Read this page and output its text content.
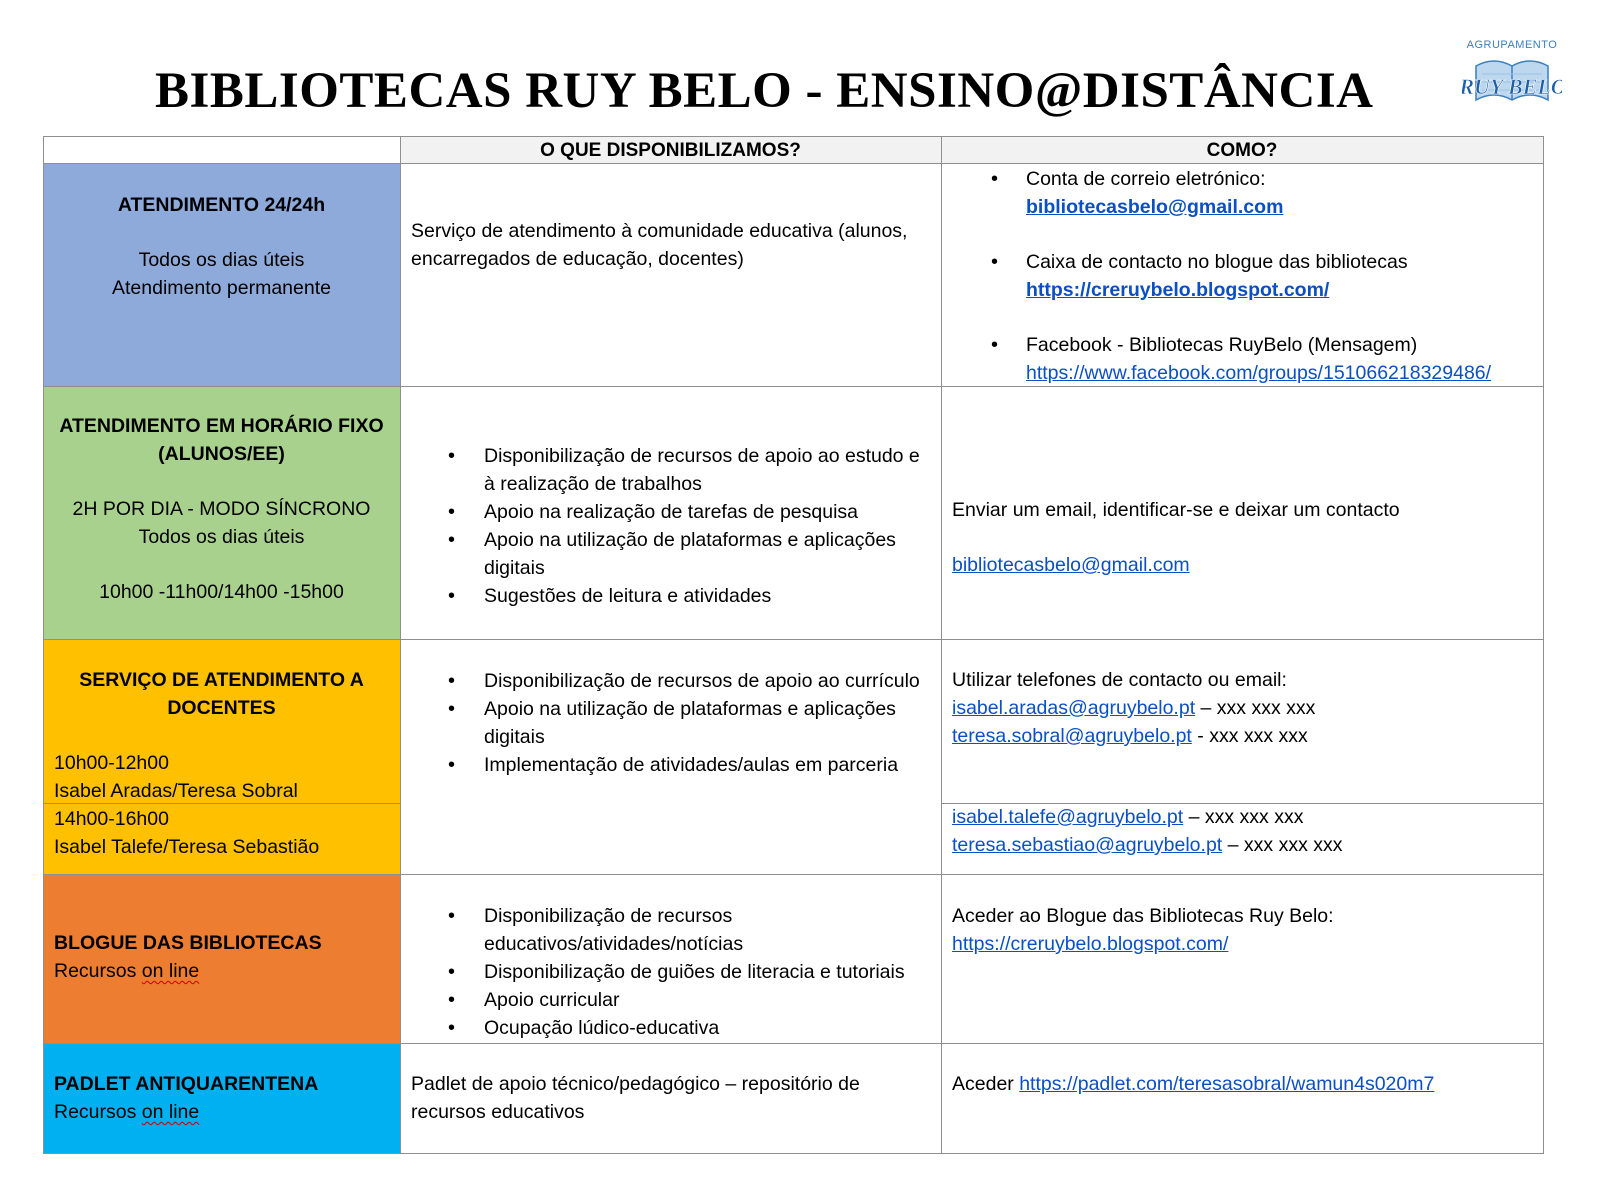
BIBLIOTECAS RUY BELO - ENSINO@DISTÂNCIA
AGRUPAMENTO
RUY BELO
O QUE DISPONIBILIZAMOS?	COMO?
ATENDIMENTO 24/24h
Todos os dias úteis
Atendimento permanente
Serviço de atendimento à comunidade educativa (alunos, encarregados de educação, docentes)
• Conta de correio eletrónico:
bibliotecasbelo@gmail.com
• Caixa de contacto no blogue das bibliotecas
https://creruybelo.blogspot.com/
• Facebook - Bibliotecas RuyBelo (Mensagem)
https://www.facebook.com/groups/151066218329486/
ATENDIMENTO EM HORÁRIO FIXO
(ALUNOS/EE)
2H POR DIA - MODO SÍNCRONO
Todos os dias úteis
10h00 -11h00/14h00 -15h00
• Disponibilização de recursos de apoio ao estudo e à realização de trabalhos
• Apoio na realização de tarefas de pesquisa
• Apoio na utilização de plataformas e aplicações digitais
• Sugestões de leitura e atividades
Enviar um email, identificar-se e deixar um contacto
bibliotecasbelo@gmail.com
SERVIÇO DE ATENDIMENTO A
DOCENTES
10h00-12h00
Isabel Aradas/Teresa Sobral
14h00-16h00
Isabel Talefe/Teresa Sebastião
• Disponibilização de recursos de apoio ao currículo
• Apoio na utilização de plataformas e aplicações digitais
• Implementação de atividades/aulas em parceria
Utilizar telefones de contacto ou email:
isabel.aradas@agruybelo.pt – xxx xxx xxx
teresa.sobral@agruybelo.pt - xxx xxx xxx
isabel.talefe@agruybelo.pt – xxx xxx xxx
teresa.sebastiao@agruybelo.pt – xxx xxx xxx
BLOGUE DAS BIBLIOTECAS
Recursos on line
• Disponibilização de recursos educativos/atividades/notícias
• Disponibilização de guiões de literacia e tutoriais
• Apoio curricular
• Ocupação lúdico-educativa
Aceder ao Blogue das Bibliotecas Ruy Belo:
https://creruybelo.blogspot.com/
PADLET ANTIQUARENTENA
Recursos on line
Padlet de apoio técnico/pedagógico – repositório de recursos educativos
Aceder https://padlet.com/teresasobral/wamun4s020m7
